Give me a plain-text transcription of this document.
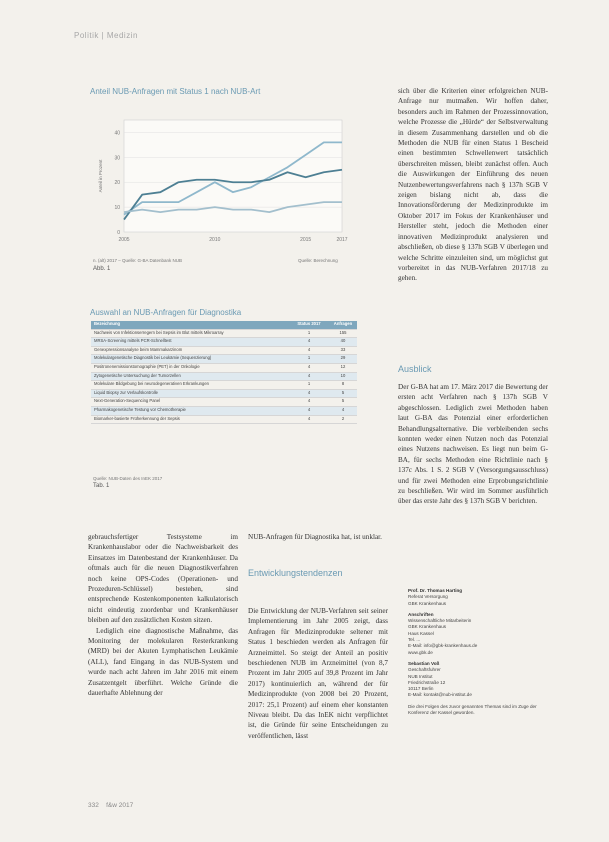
Politik | Medizin
Anteil NUB-Anfragen mit Status 1 nach NUB-Art
0
10
20
30
40
2005	2010	2015	2017
Anteil in Prozent
n. (alt) 2017 – Quelle: G-BA Datenbank NUB	Quelle: Berechnung
Abb. 1
Auswahl an NUB-Anfragen für Diagnostika
Bezeichnung	Status 2017	Anfragen
Nachweis von Infektionserregern bei Sepsis im Blut mittels Mikroarray	1	155
MRSA-Screening mittels PCR-Schnelltest	4	40
Genexpressionsanalyse beim Mammakarzinom	4	33
Molekulargenetische Diagnostik bei Leukämie (Sequenzierung)	1	29
Positronenemissionstomographie (PET) in der Onkologie	4	12
Zytogenetische Untersuchung der Tumorzellen	4	10
Molekulare Bildgebung bei neurodegenerativen Erkrankungen	1	8
Liquid Biopsy zur Verlaufskontrolle	4	5
Next-Generation-Sequencing Panel	4	5
Pharmakogenetische Testung vor Chemotherapie	4	4
Biomarker-basierte Früherkennung der Sepsis	4	2
Quelle: NUB-Daten des InEK 2017
Tab. 1

gebrauchsfertiger Testsysteme im Krankenhauslabor oder die Nachweisbarkeit des Einsatzes im Datenbestand der Krankenhäuser. Da oftmals auch für die neuen Diagnostikverfahren noch keine OPS-Codes (Operationen- und Prozeduren-Schlüssel) bestehen, sind entsprechende Kostenkomponenten kalkulatorisch nicht eindeutig zuordenbar und Krankenhäuser bleiben auf den zusätzlichen Kosten sitzen.

Lediglich eine diagnostische Maßnahme, das Monitoring der molekularen Resterkrankung (MRD) bei der Akuten Lymphatischen Leukämie (ALL), fand Eingang in das NUB-System und wurde nach acht Jahren im Jahr 2016 mit einem Zusatzentgelt überführt. Welche Gründe die dauerhafte Ablehnung der

NUB-Anfragen für Diagnostika hat, ist unklar.

Entwicklungstendenzen

Die Entwicklung der NUB-Verfahren seit seiner Implementierung im Jahr 2005 zeigt, dass Anfragen für Medizinprodukte seltener mit Status 1 beschieden werden als Anfragen für Arzneimittel. So steigt der Anteil an positiv beschiedenen NUB im Arzneimittel (von 8,7 Prozent im Jahr 2005 auf 39,8 Prozent im Jahr 2017) kontinuierlich an, während der für Medizinprodukte (von 2008 bei 20 Prozent, 2017: 25,1 Prozent) auf einem eher konstanten Niveau bleibt. Da das InEK nicht verpflichtet ist, die Gründe für seine Entscheidungen zu veröffentlichen, lässt

sich über die Kriterien einer erfolgreichen NUB-Anfrage nur mutmaßen. Wir hoffen daher, besonders auch im Rahmen der Prozessinnovation, welche Prozesse die „Hürde“ der Selbstverwaltung in diesem Zusammenhang darstellen und ob die Methoden die NUB für einen Status 1 Bescheid einen bestimmten Schwellenwert tatsächlich überschreiten müssen, bleibt zunächst offen. Auch die Auswirkungen der Einführung des neuen Nutzenbewertungsverfahrens nach § 137h SGB V zeigen bislang nicht ab, dass die Innovationsförderung der Medizinprodukte im Oktober 2017 im Fokus der Krankenhäuser und Hersteller steht, jedoch die Methoden einer innovativen Medizinprodukt analysieren und abschließen, ob diese § 137h SGB V überlegen und welche Schritte einzuleiten sind, um möglichst gut vorbereitet in das NUB-Verfahren 2017/18 zu gehen.

Ausblick

Der G-BA hat am 17. März 2017 die Bewertung der ersten acht Verfahren nach § 137h SGB V abgeschlossen. Lediglich zwei Methoden haben laut G-BA das Potenzial einer erforderlichen Behandlungsalternative. Die verbleibenden sechs konnten weder einen Nutzen noch das Potenzial eines Nutzens nachweisen. Es liegt nun beim G-BA, für sechs Methoden eine Richtlinie nach § 137c Abs. 1 S. 2 SGB V (Versorgungsausschluss) und für zwei Methoden eine Erprobungsrichtlinie zu beschließen. Wir wird im Sommer ausführlich über das erste Jahr des § 137h SGB V berichten.

Prof. Dr. Thomas Harting
Referat Versorgung
GBK Krankenhaus
Anschriften
Wissenschaftliche Mitarbeiterin
GBK Krankenhaus
Haus Kassel
Tel. ...
E-Mail: info@gbk-krankenhaus.de
www.gbk.de
Sebastian Voß
Geschaftsfuhrer
NUB Institut
Friedrichstraße 12
10117 Berlin
E-Mail: kontakt@nub-institut.de
Die drei Folgen des zuvor genannten Themas sind im Zuge der Konferenz der Kassel geworden.
332 f&w 2017
